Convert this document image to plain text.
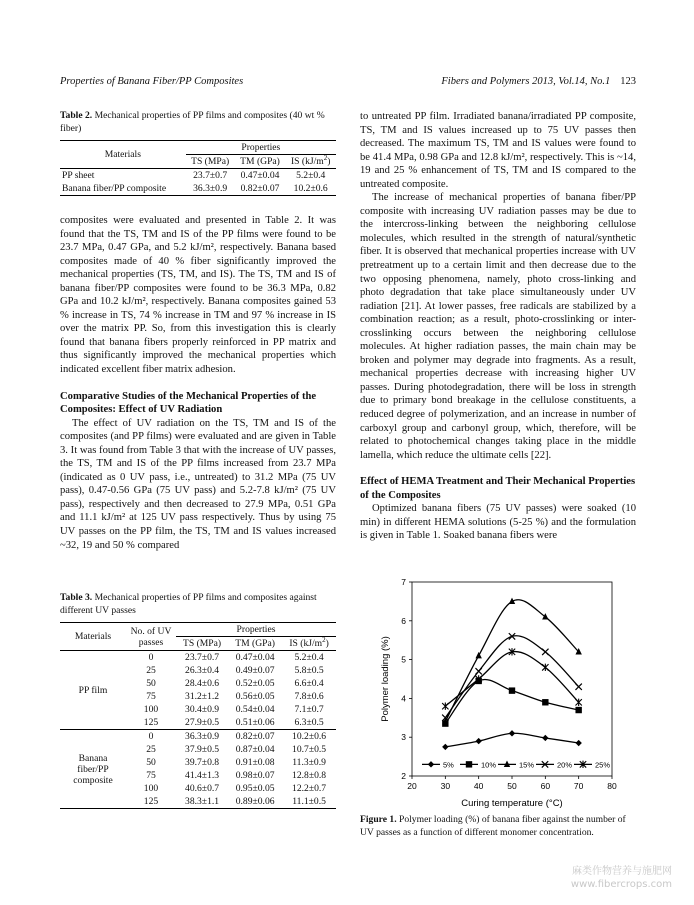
Properties of Banana Fiber/PP Composites	Fibers and Polymers 2013, Vol.14, No.1 123
Table 2. Mechanical properties of PP films and composites (40 wt % fiber)
Materials	Properties		
	TS (MPa)	TM (GPa)	IS $(kJ/m^2)$
PP sheet	23.7±0.7	0.47±0.04	5.2±0.4
Banana fiber/PP composite	36.3±0.9	0.82±0.07	10.2±0.6

composites were evaluated and presented in Table 2. It was found that the TS, TM and IS of the PP films were found to be 23.7 MPa, 0.47 GPa, and 5.2 kJ/m², respectively. Banana based composites made of 40 % fiber significantly improved the mechanical properties (TS, TM, and IS). The TS, TM and IS of banana fiber/PP composites were found to be 36.3 MPa, 0.82 GPa and 10.2 kJ/m², respectively. Banana composites gained 53 % increase in TS, 74 % increase in TM and 97 % increase in IS over the matrix PP. So, from this investigation this is clearly found that banana fibers properly reinforced in PP matrix and thus significantly improved the mechanical properties which indicated excellent fiber matrix adhesion.

Comparative Studies of the Mechanical Properties of the Composites: Effect of UV Radiation

The effect of UV radiation on the TS, TM and IS of the composites (and PP films) were evaluated and are given in Table 3. It was found from Table 3 that with the increase of UV passes, the TS, TM and IS of the PP films increased from 23.7 MPa (indicated as 0 UV pass, i.e., untreated) to 31.2 MPa (75 UV pass), 0.47-0.56 GPa (75 UV pass) and 5.2-7.8 kJ/m² (75 UV pass), respectively and then decreased to 27.9 MPa, 0.51 GPa and 11.1 kJ/m² at 125 UV pass respectively. Thus by using 75 UV passes on the PP film, the TS, TM and IS values increased ~32, 19 and 50 % compared

Table 3. Mechanical properties of PP films and composites against different UV passes
Materials	No. of UV passes	Properties		
		TS (MPa)	TM (GPa)	IS $(kJ/m^2)$
PP film	0	23.7±0.7	0.47±0.04	5.2±0.4
	25	26.3±0.4	0.49±0.07	5.8±0.5
	50	28.4±0.6	0.52±0.05	6.6±0.4
	75	31.2±1.2	0.56±0.05	7.8±0.6
	100	30.4±0.9	0.54±0.04	7.1±0.7
	125	27.9±0.5	0.51±0.06	6.3±0.5
Banana fiber/PP composite	0	36.3±0.9	0.82±0.07	10.2±0.6
	25	37.9±0.5	0.87±0.04	10.7±0.5
	50	39.7±0.8	0.91±0.08	11.3±0.9
	75	41.4±1.3	0.98±0.07	12.8±0.8
	100	40.6±0.7	0.95±0.05	12.2±0.7
	125	38.3±1.1	0.89±0.06	11.1±0.5

to untreated PP film. Irradiated banana/irradiated PP composite, TS, TM and IS values increased up to 75 UV passes then decreased. The maximum TS, TM and IS values were found to be 41.4 MPa, 0.98 GPa and 12.8 kJ/m², respectively. This is ~14, 19 and 25 % enhancement of TS, TM and IS compared to the untreated composite.

The increase of mechanical properties of banana fiber/PP composite with increasing UV radiation passes may be due to the intercross-linking between the neighboring cellulose molecules, which resulted in the strength of natural/synthetic fiber. It is observed that mechanical properties increase with UV pretreatment up to a certain limit and then decrease due to the two opposing phenomena, namely, photo cross-linking and photo degradation that take place simultaneously under UV radiation [21]. At lower passes, free radicals are stabilized by a combination reaction; as a result, photo-crosslinking or inter-crosslinking occurs between the neighboring cellulose molecules. At higher radiation passes, the main chain may be broken and polymer may degrade into fragments. As a result, mechanical properties decrease with increasing higher UV passes. During photodegradation, there will be loss in strength due to primary bond breakage in the cellulose constituents, a reduced degree of polymerization, and an increase in number of carboxyl group and carbonyl group, which, therefore, will be related to photochemical changes taking place in the middle lamella, which reduce the ultimate cells [22].

Effect of HEMA Treatment and Their Mechanical Properties of the Composites

Optimized banana fibers (75 UV passes) were soaked (10 min) in different HEMA solutions (5-25 %) and the formulation is given in Table 1. Soaked banana fibers were

20	30	40	50	60	70	80
2
3
4
5
6
7
Curing temperature (°C)
Polymer loading (%)
5%	10%	15%	20%	25%
Figure 1. Polymer loading (%) of banana fiber against the number of UV passes as a function of different monomer concentration.
麻类作物营养与施肥网
www.fibercrops.com
